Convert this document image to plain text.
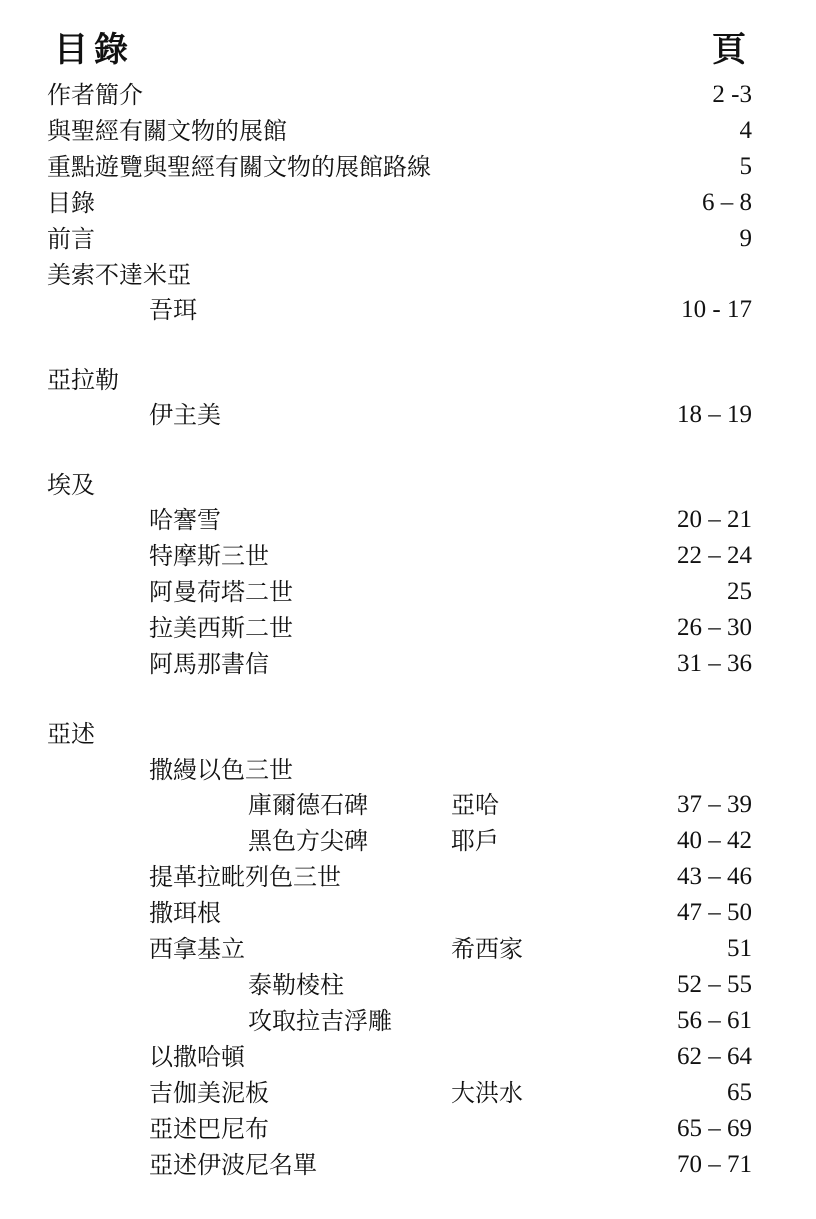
目錄	頁
作者簡介	2 -3
與聖經有關文物的展館	4
重點遊覽與聖經有關文物的展館路線	5
目錄	6 – 8
前言	9
美索不達米亞
吾珥	10 - 17
亞拉勒
伊主美	18 – 19
埃及
哈謇雪	20 – 21
特摩斯三世	22 – 24
阿曼荷塔二世	25
拉美西斯二世	26 – 30
阿馬那書信	31 – 36
亞述
撒縵以色三世
庫爾德石碑	亞哈	37 – 39
黑色方尖碑	耶戶	40 – 42
提革拉毗列色三世	43 – 46
撒珥根	47 – 50
西拿基立	希西家	51
泰勒棱柱	52 – 55
攻取拉吉浮雕	56 – 61
以撒哈頓	62 – 64
吉伽美泥板	大洪水	65
亞述巴尼布	65 – 69
亞述伊波尼名單	70 – 71
